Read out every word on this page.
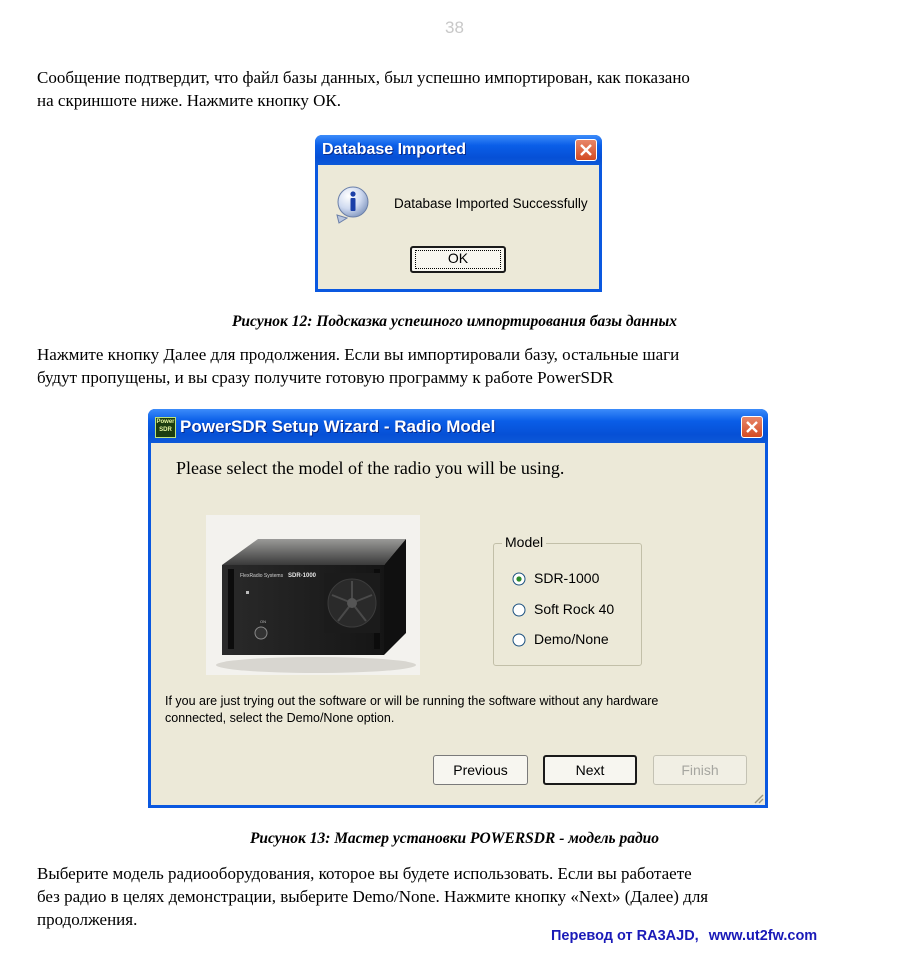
38

Сообщение подтвердит, что файл базы данных, был успешно импортирован, как показано
на скриншоте ниже. Нажмите кнопку ОК.

Database Imported
Database Imported Successfully
OK
Рисунок 12: Подсказка успешного импортирования базы данных

Нажмите кнопку Далее для продолжения. Если вы импортировали базу, остальные шаги
будут пропущены, и вы сразу получите готовую программу к работе PowerSDR

Power
SDR PowerSDR Setup Wizard - Radio Model
Please select the model of the radio you will be using.
ON
FlexRadio Systems SDR-1000
Model
SDR-1000
Soft Rock 40
Demo/None
If you are just trying out the software or will be running the software without any hardware
connected, select the Demo/None option.
Previous	Next	Finish
Рисунок 13: Мастер установки POWERSDR - модель радио

Выберите модель радиооборудования, которое вы будете использовать. Если вы работаете
без радио в целях демонстрации, выберите Demo/None. Нажмите кнопку «Next» (Далее) для
продолжения.

Перевод от RA3AJD, www.ut2fw.com
